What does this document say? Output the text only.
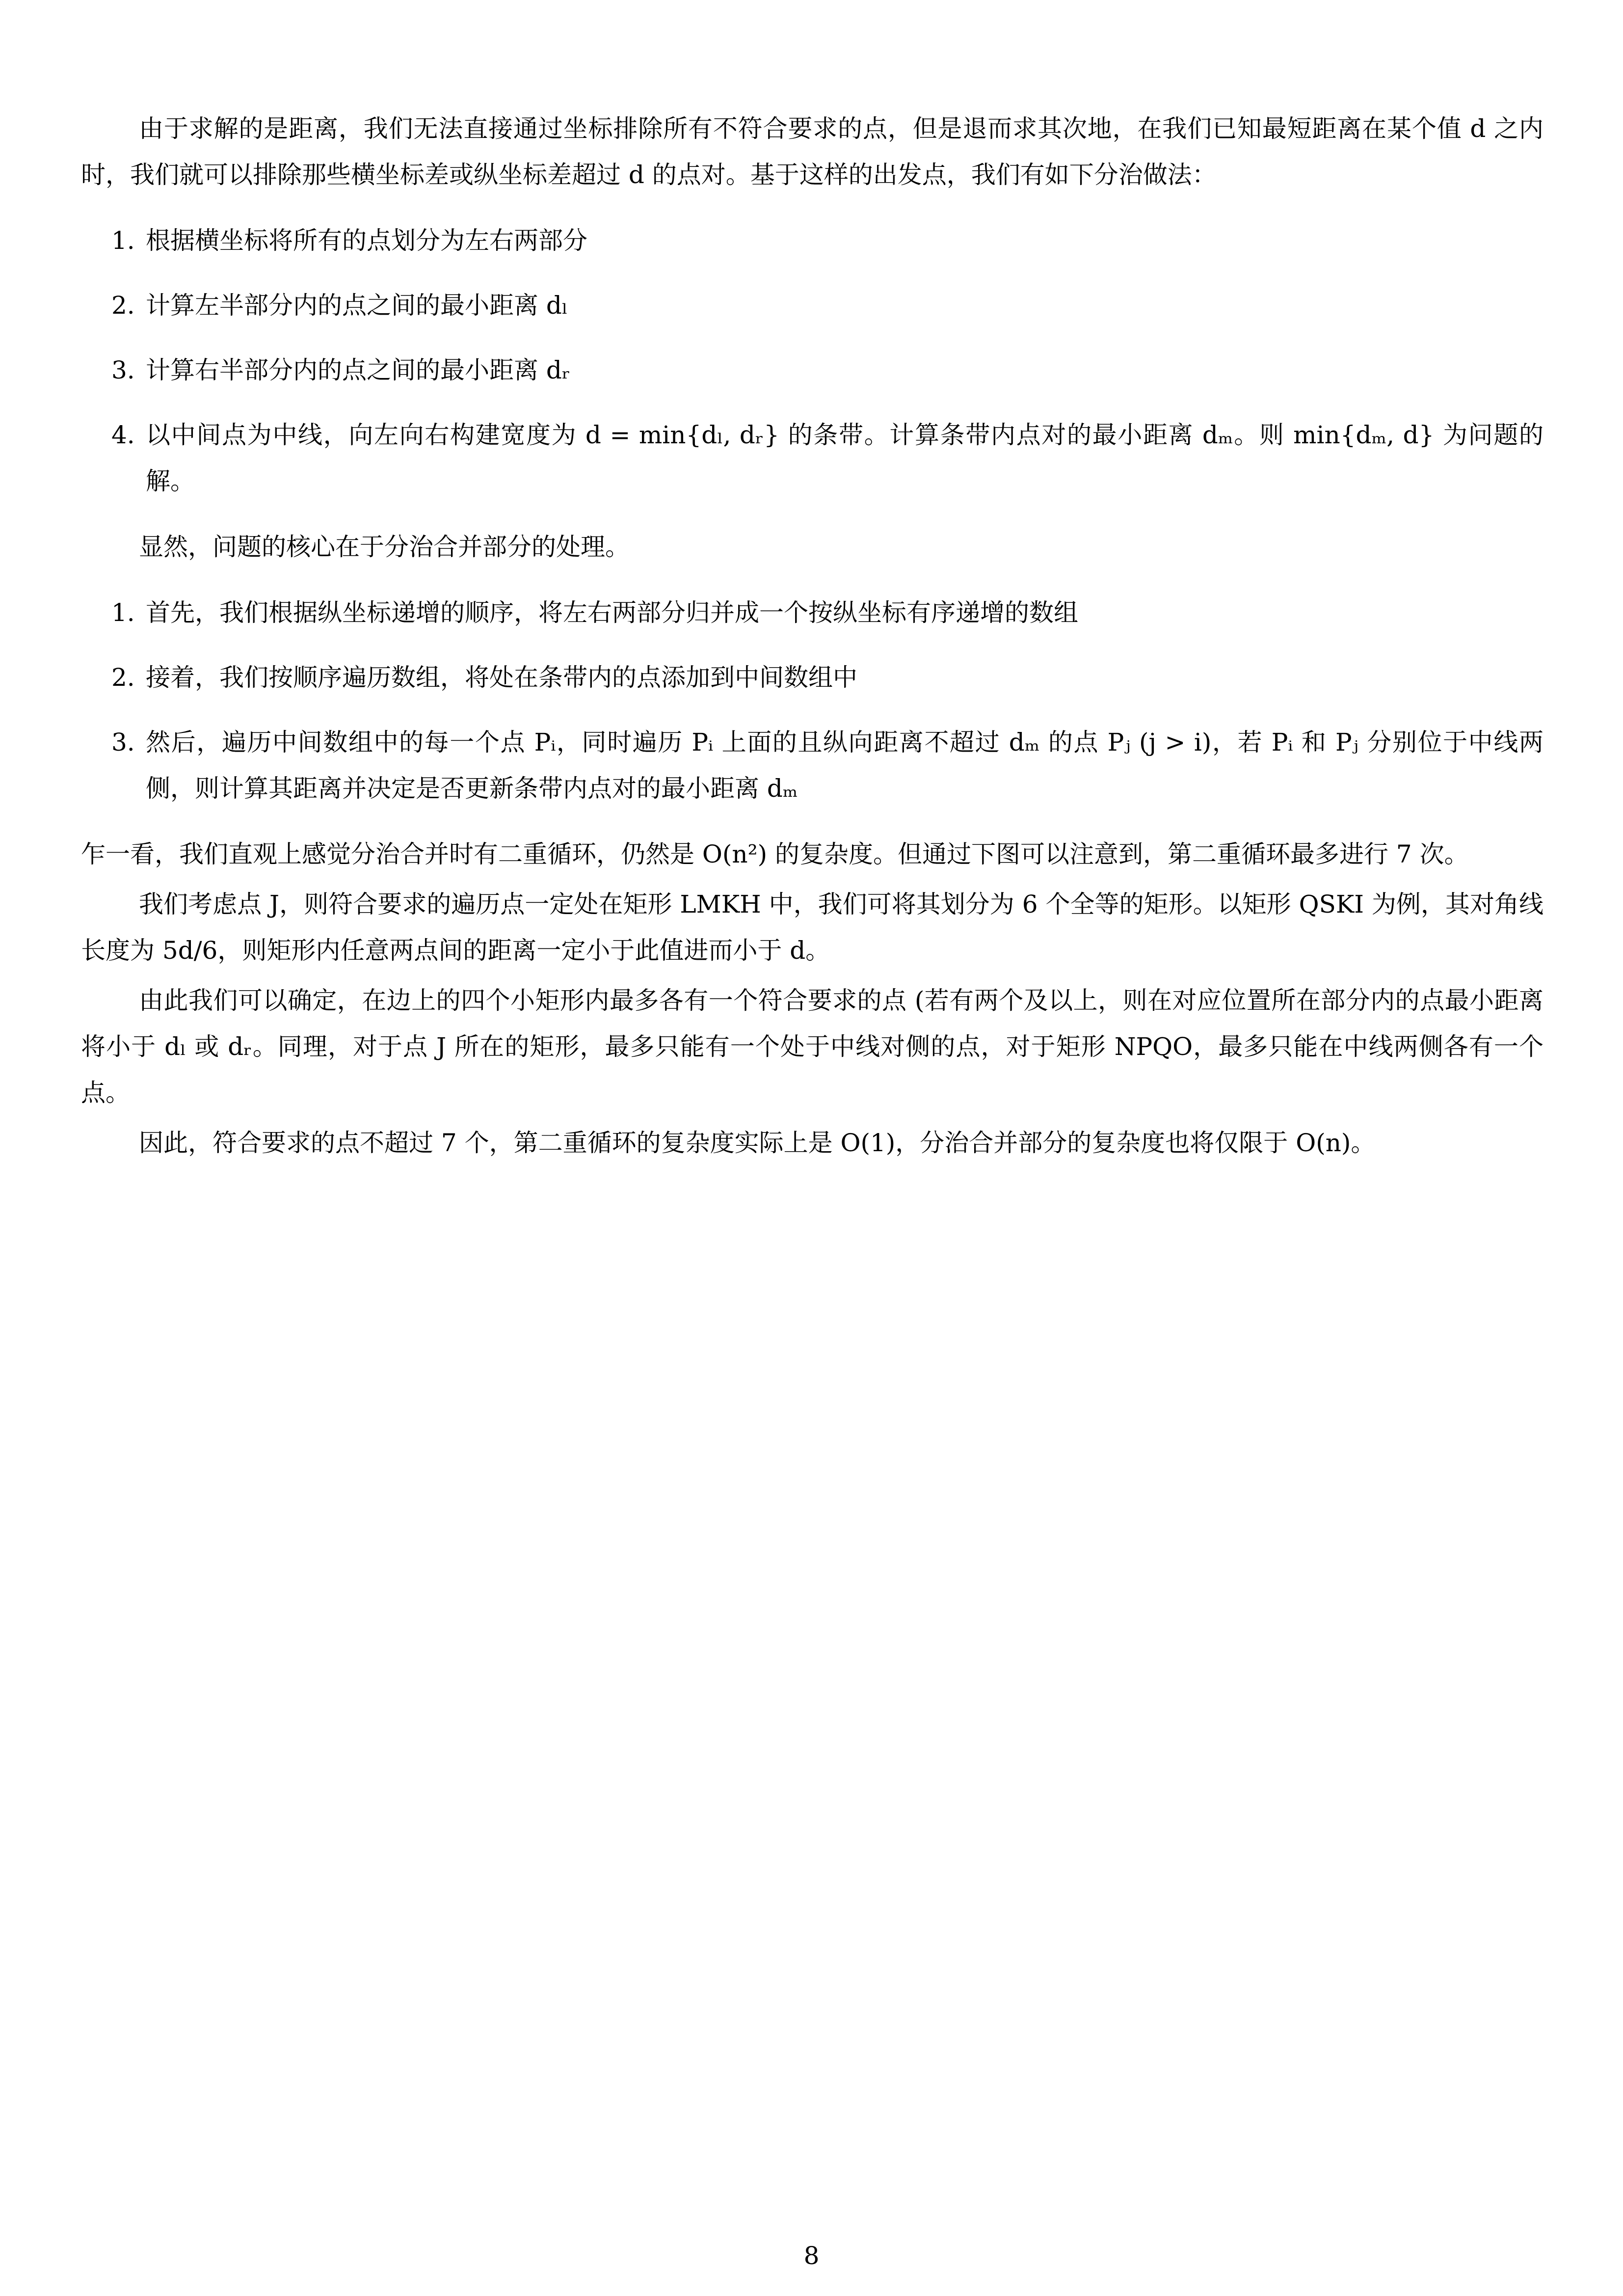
由于求解的是距离，我们无法直接通过坐标排除所有不符合要求的点，但是退而求其次地，在我们已知最短距离在某个值 d 之内时，我们就可以排除那些横坐标差或纵坐标差超过 d 的点对。基于这样的出发点，我们有如下分治做法：

1. 根据横坐标将所有的点划分为左右两部分
2. 计算左半部分内的点之间的最小距离 dₗ
3. 计算右半部分内的点之间的最小距离 dᵣ
4. 以中间点为中线，向左向右构建宽度为 d = min{dₗ, dᵣ} 的条带。计算条带内点对的最小距离 dₘ。则 min{dₘ, d} 为问题的解。

显然，问题的核心在于分治合并部分的处理。

1. 首先，我们根据纵坐标递增的顺序，将左右两部分归并成一个按纵坐标有序递增的数组
2. 接着，我们按顺序遍历数组，将处在条带内的点添加到中间数组中
3. 然后，遍历中间数组中的每一个点 Pᵢ，同时遍历 Pᵢ 上面的且纵向距离不超过 dₘ 的点 Pⱼ (j > i)，若 Pᵢ 和 Pⱼ 分别位于中线两侧，则计算其距离并决定是否更新条带内点对的最小距离 dₘ

乍一看，我们直观上感觉分治合并时有二重循环，仍然是 O(n²) 的复杂度。但通过下图可以注意到，第二重循环最多进行 7 次。

我们考虑点 J，则符合要求的遍历点一定处在矩形 LMKH 中，我们可将其划分为 6 个全等的矩形。以矩形 QSKI 为例，其对角线长度为 5d/6，则矩形内任意两点间的距离一定小于此值进而小于 d。

由此我们可以确定，在边上的四个小矩形内最多各有一个符合要求的点 (若有两个及以上，则在对应位置所在部分内的点最小距离将小于 dₗ 或 dᵣ。同理，对于点 J 所在的矩形，最多只能有一个处于中线对侧的点，对于矩形 NPQO，最多只能在中线两侧各有一个点。

因此，符合要求的点不超过 7 个，第二重循环的复杂度实际上是 O(1)，分治合并部分的复杂度也将仅限于 O(n)。

8
